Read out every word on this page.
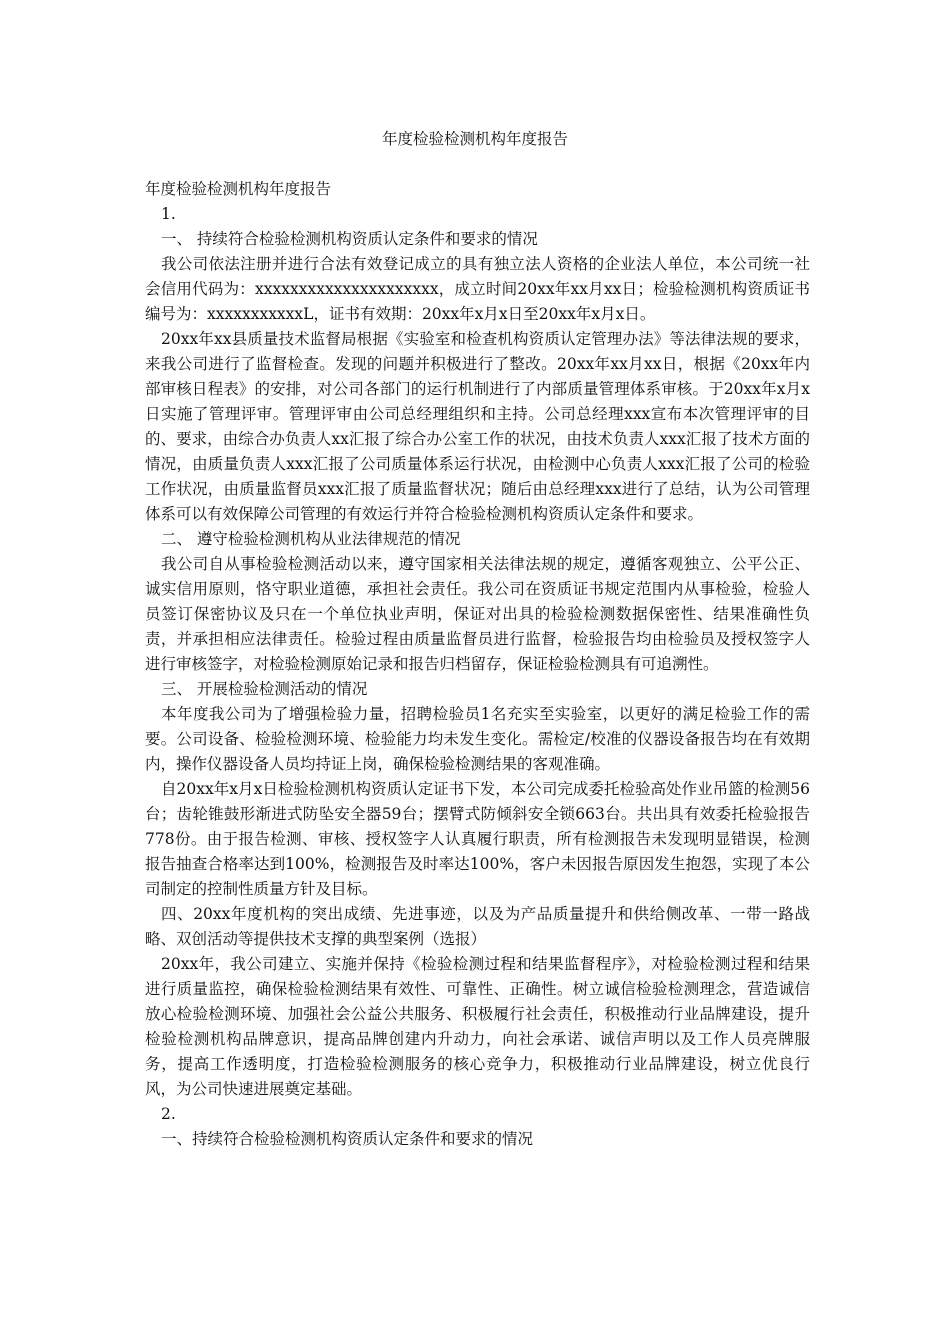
年度检验检测机构年度报告

年度检验检测机构年度报告

1.

一、 持续符合检验检测机构资质认定条件和要求的情况

我公司依法注册并进行合法有效登记成立的具有独立法人资格的企业法人单位，本公司统一社会信用代码为：xxxxxxxxxxxxxxxxxxxxx，成立时间20xx年xx月xx日；检验检测机构资质证书编号为：xxxxxxxxxxxL，证书有效期：20xx年x月x日至20xx年x月x日。

20xx年xx县质量技术监督局根据《实验室和检查机构资质认定管理办法》等法律法规的要求，来我公司进行了监督检查。发现的问题并积极进行了整改。20xx年xx月xx日，根据《20xx年内部审核日程表》的安排，对公司各部门的运行机制进行了内部质量管理体系审核。于20xx年x月x日实施了管理评审。管理评审由公司总经理组织和主持。公司总经理xxx宣布本次管理评审的目的、要求，由综合办负责人xx汇报了综合办公室工作的状况，由技术负责人xxx汇报了技术方面的情况，由质量负责人xxx汇报了公司质量体系运行状况，由检测中心负责人xxx汇报了公司的检验工作状况，由质量监督员xxx汇报了质量监督状况；随后由总经理xxx进行了总结，认为公司管理体系可以有效保障公司管理的有效运行并符合检验检测机构资质认定条件和要求。

二、 遵守检验检测机构从业法律规范的情况

我公司自从事检验检测活动以来，遵守国家相关法律法规的规定，遵循客观独立、公平公正、诚实信用原则，恪守职业道德，承担社会责任。我公司在资质证书规定范围内从事检验，检验人员签订保密协议及只在一个单位执业声明，保证对出具的检验检测数据保密性、结果准确性负责，并承担相应法律责任。检验过程由质量监督员进行监督，检验报告均由检验员及授权签字人进行审核签字，对检验检测原始记录和报告归档留存，保证检验检测具有可追溯性。

三、 开展检验检测活动的情况

本年度我公司为了增强检验力量，招聘检验员1名充实至实验室，以更好的满足检验工作的需要。公司设备、检验检测环境、检验能力均未发生变化。需检定/校准的仪器设备报告均在有效期内，操作仪器设备人员均持证上岗，确保检验检测结果的客观准确。

自20xx年x月x日检验检测机构资质认定证书下发，本公司完成委托检验高处作业吊篮的检测56台；齿轮锥鼓形渐进式防坠安全器59台；摆臂式防倾斜安全锁663台。共出具有效委托检验报告778份。由于报告检测、审核、授权签字人认真履行职责，所有检测报告未发现明显错误，检测报告抽查合格率达到100%，检测报告及时率达100%，客户未因报告原因发生抱怨，实现了本公司制定的控制性质量方针及目标。

四、20xx年度机构的突出成绩、先进事迹，以及为产品质量提升和供给侧改革、一带一路战略、双创活动等提供技术支撑的典型案例（选报）

20xx年，我公司建立、实施并保持《检验检测过程和结果监督程序》，对检验检测过程和结果进行质量监控，确保检验检测结果有效性、可靠性、正确性。树立诚信检验检测理念，营造诚信放心检验检测环境、加强社会公益公共服务、积极履行社会责任，积极推动行业品牌建设，提升检验检测机构品牌意识，提高品牌创建内升动力，向社会承诺、诚信声明以及工作人员亮牌服务，提高工作透明度，打造检验检测服务的核心竞争力，积极推动行业品牌建设，树立优良行风，为公司快速进展奠定基础。

2.

一、持续符合检验检测机构资质认定条件和要求的情况
